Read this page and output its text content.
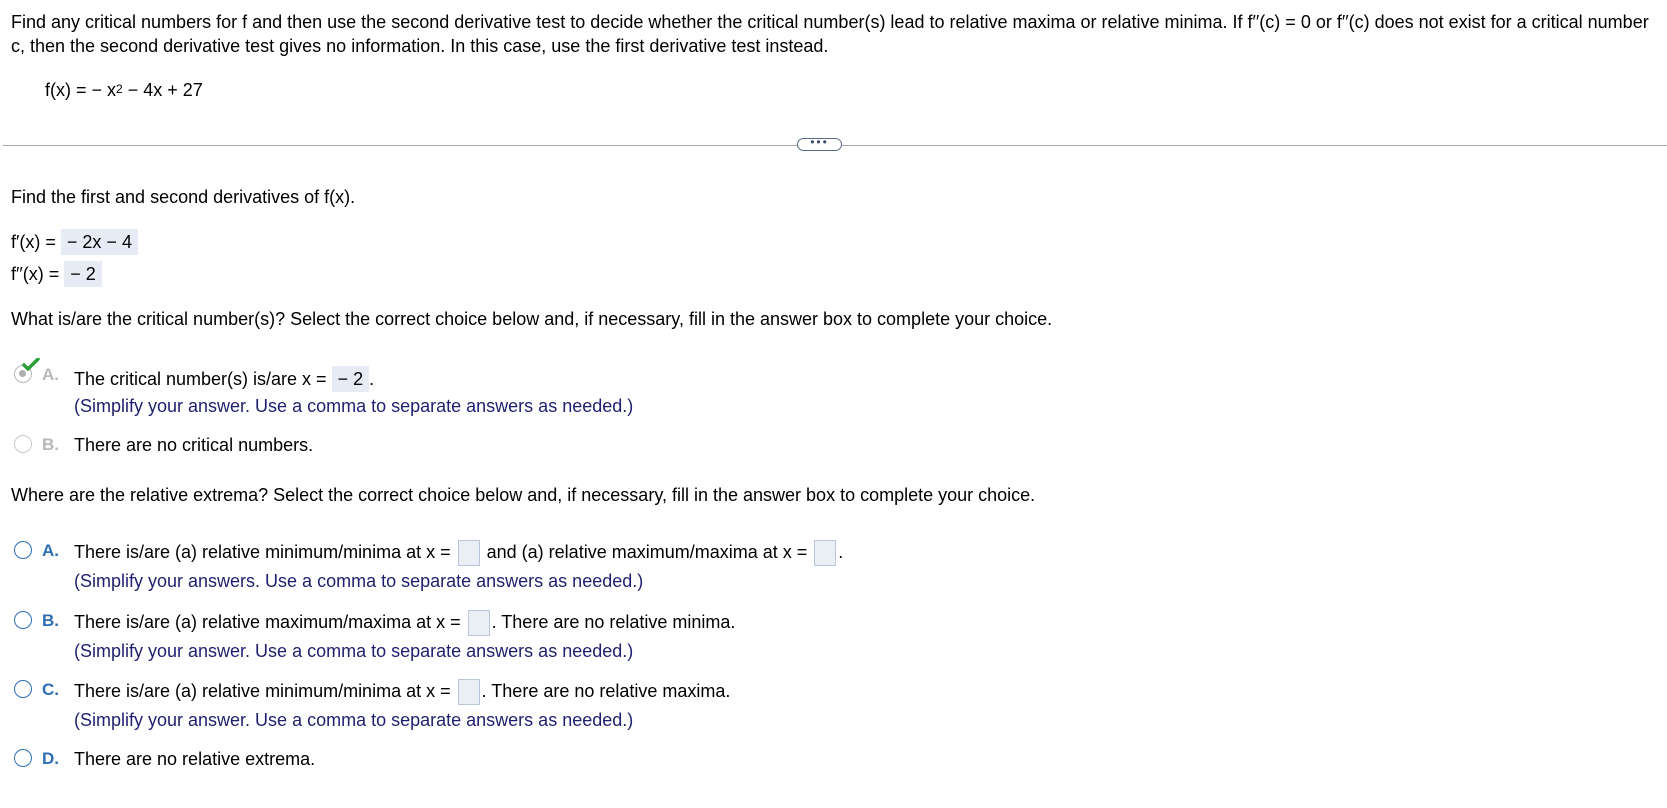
Find any critical numbers for f and then use the second derivative test to decide whether the critical number(s) lead to relative maxima or relative minima. If f′′(c) = 0 or f′′(c) does not exist for a critical number c, then the second derivative test gives no information. In this case, use the first derivative test instead.
f(x) = − $x^2 - 4x + 27$
•••
Find the first and second derivatives of f(x).
f′(x) = − 2x − 4
f′′(x) = − 2
What is/are the critical number(s)? Select the correct choice below and, if necessary, fill in the answer box to complete your choice.
A. The critical number(s) is/are x = − 2 .
(Simplify your answer. Use a comma to separate answers as needed.)
B. There are no critical numbers.
Where are the relative extrema? Select the correct choice below and, if necessary, fill in the answer box to complete your choice.
A. There is/are (a) relative minimum/minima at x = and (a) relative maximum/maxima at x = .
(Simplify your answers. Use a comma to separate answers as needed.)
B. There is/are (a) relative maximum/maxima at x = . There are no relative minima.
(Simplify your answer. Use a comma to separate answers as needed.)
C. There is/are (a) relative minimum/minima at x = . There are no relative maxima.
(Simplify your answer. Use a comma to separate answers as needed.)
D. There are no relative extrema.
